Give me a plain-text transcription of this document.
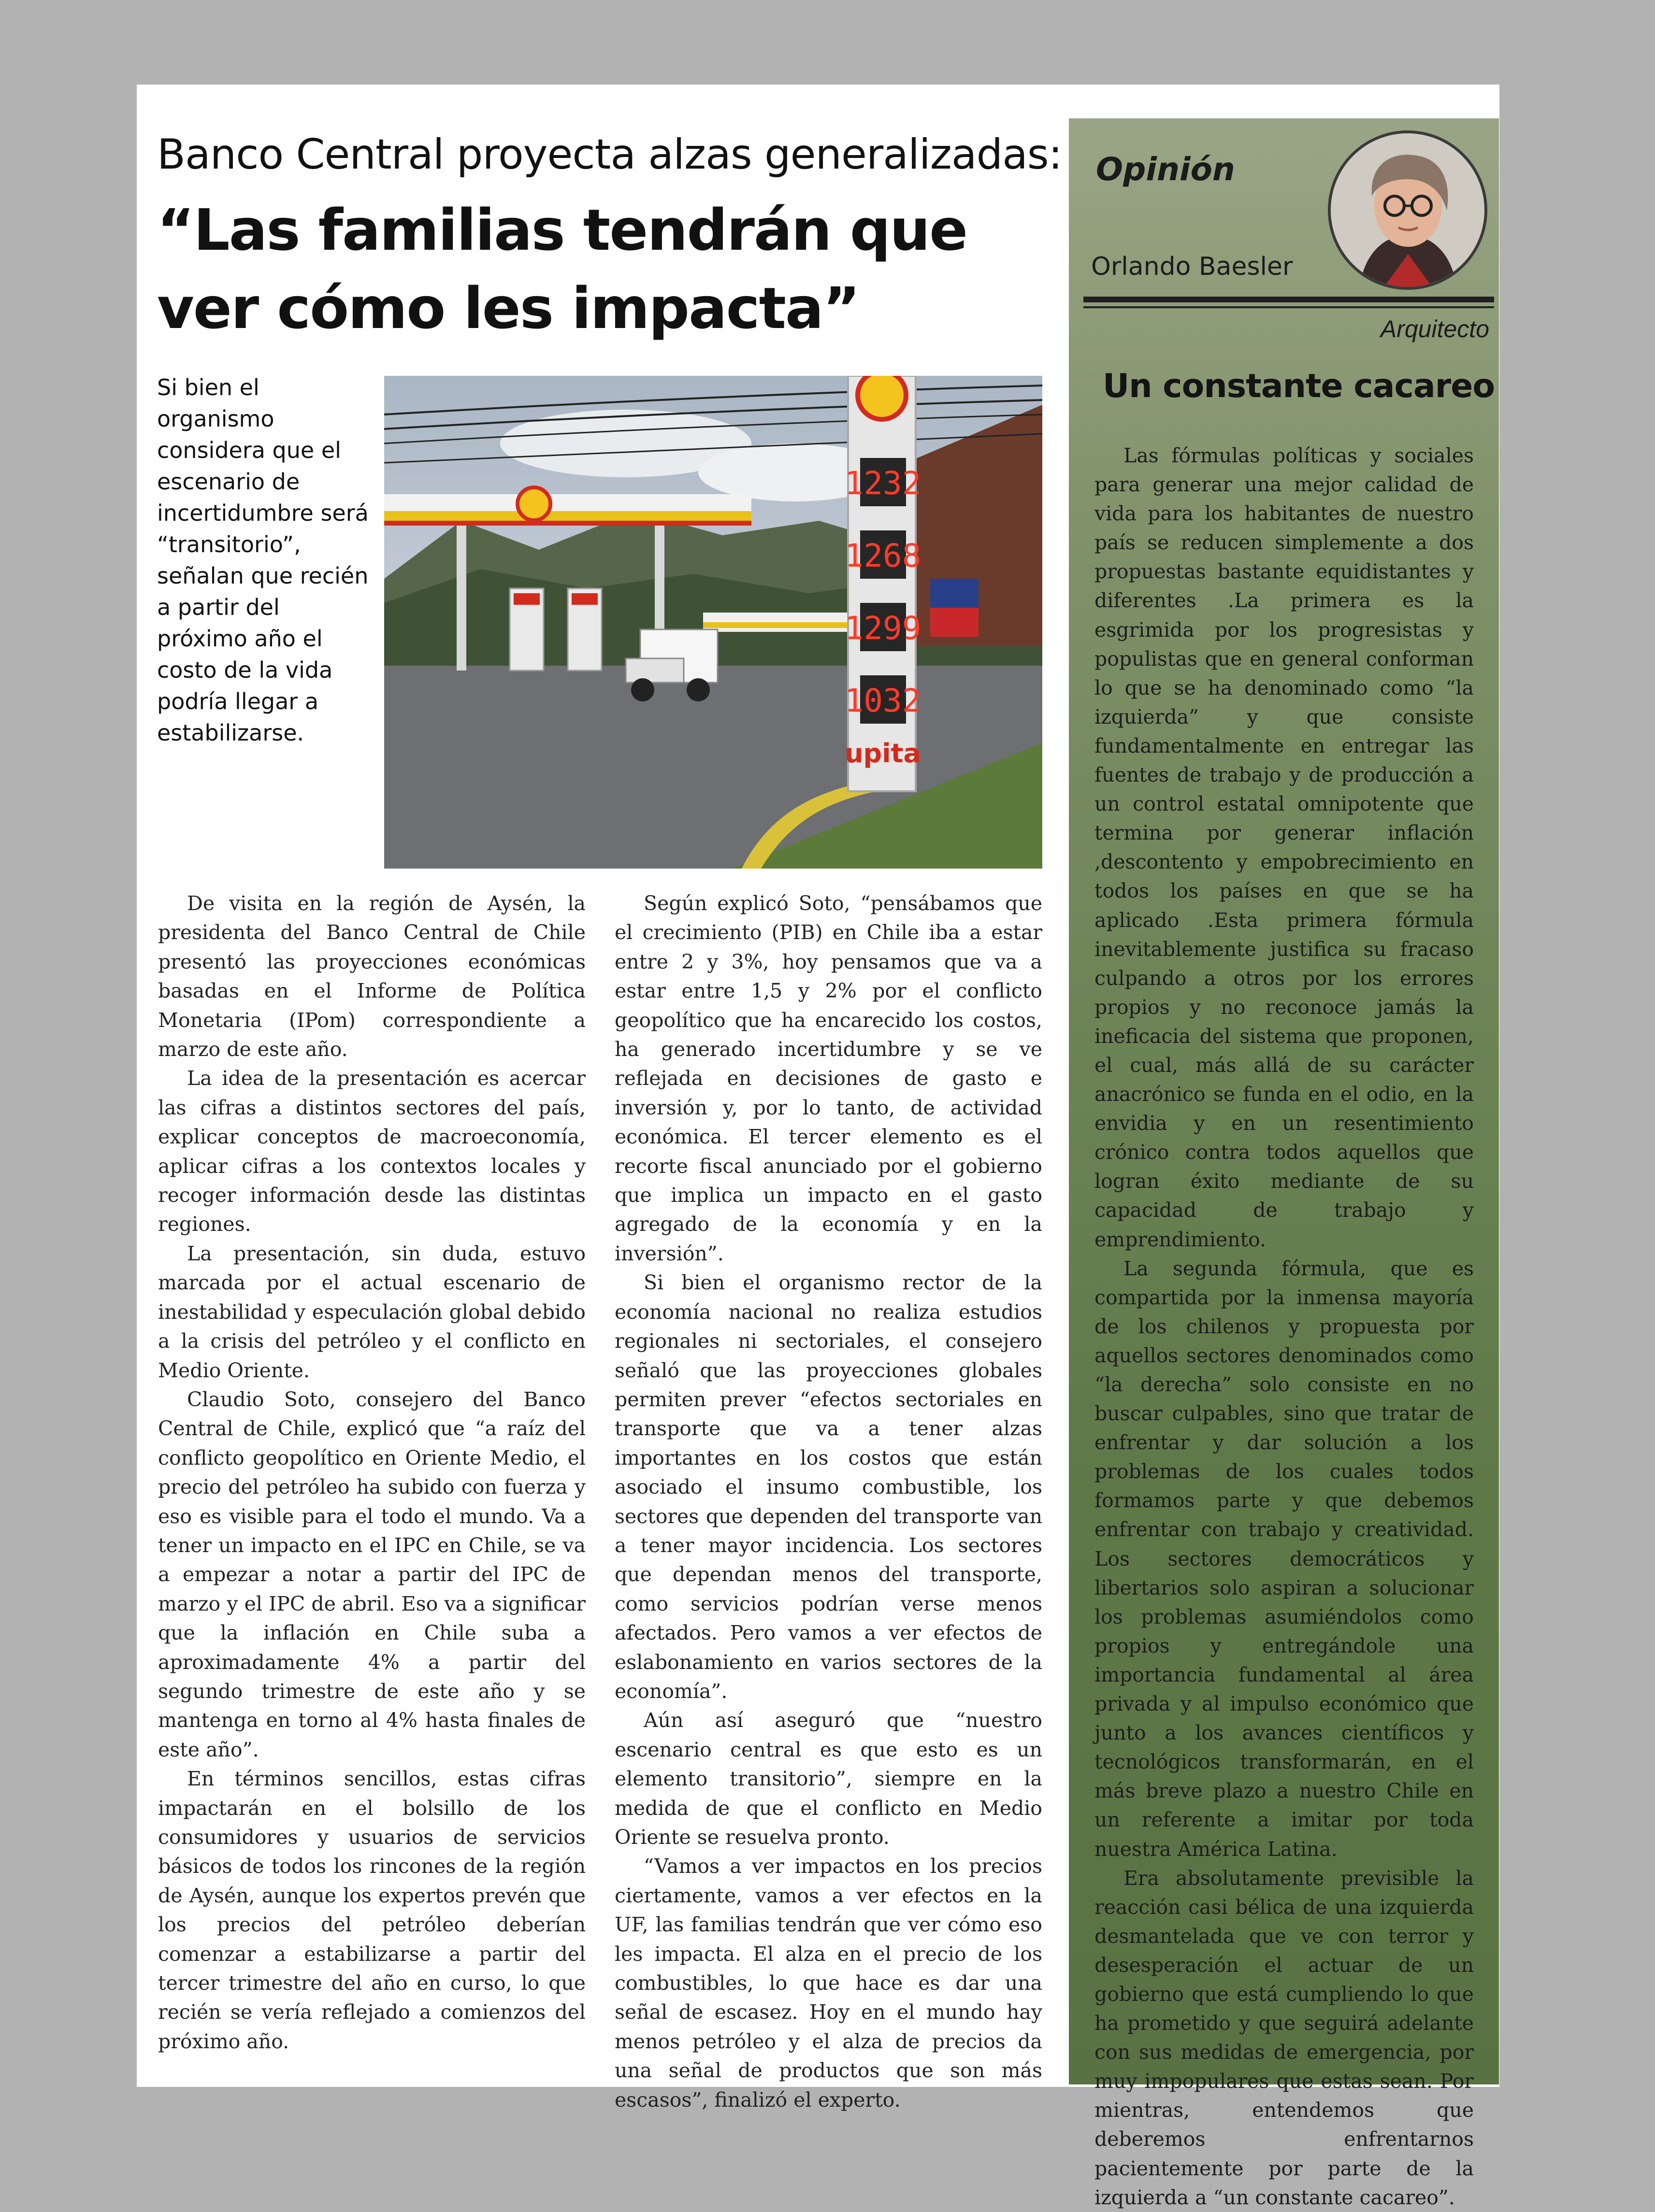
Banco Central proyecta alzas generalizadas:
“Las familias tendrán que ver cómo les impacta”
Si bien el organismo considera que el escenario de incertidumbre será “transitorio”, señalan que recién a partir del próximo año el costo de la vida podría llegar a estabilizarse.
1232
1268
1299
1032
upita

De visita en la región de Aysén, la presidenta del Banco Central de Chile presentó las proyecciones económicas basadas en el Informe de Política Monetaria (IPom) correspondiente a marzo de este año.

La idea de la presentación es acercar las cifras a distintos sectores del país, explicar conceptos de macroeconomía, aplicar cifras a los contextos locales y recoger información desde las distintas regiones.

La presentación, sin duda, estuvo marcada por el actual escenario de inestabilidad y especulación global debido a la crisis del petróleo y el conflicto en Medio Oriente.

Claudio Soto, consejero del Banco Central de Chile, explicó que “a raíz del conflicto geopolítico en Oriente Medio, el precio del petróleo ha subido con fuerza y eso es visible para el todo el mundo. Va a tener un impacto en el IPC en Chile, se va a empezar a notar a partir del IPC de marzo y el IPC de abril. Eso va a significar que la inflación en Chile suba a aproximadamente 4% a partir del segundo trimestre de este año y se mantenga en torno al 4% hasta finales de este año”.

En términos sencillos, estas cifras impactarán en el bolsillo de los consumidores y usuarios de servicios básicos de todos los rincones de la región de Aysén, aunque los expertos prevén que los precios del petróleo deberían comenzar a estabilizarse a partir del tercer trimestre del año en curso, lo que recién se vería reflejado a comienzos del próximo año.

Según explicó Soto, “pensábamos que el crecimiento (PIB) en Chile iba a estar entre 2 y 3%, hoy pensamos que va a estar entre 1,5 y 2% por el conflicto geopolítico que ha encarecido los costos, ha generado incertidumbre y se ve reflejada en decisiones de gasto e inversión y, por lo tanto, de actividad económica. El tercer elemento es el recorte fiscal anunciado por el gobierno que implica un impacto en el gasto agregado de la economía y en la inversión”.

Si bien el organismo rector de la economía nacional no realiza estudios regionales ni sectoriales, el consejero señaló que las proyecciones globales permiten prever “efectos sectoriales en transporte que va a tener alzas importantes en los costos que están asociado el insumo combustible, los sectores que dependen del transporte van a tener mayor incidencia. Los sectores que dependan menos del transporte, como servicios podrían verse menos afectados. Pero vamos a ver efectos de eslabonamiento en varios sectores de la economía”.

Aún así aseguró que “nuestro escenario central es que esto es un elemento transitorio”, siempre en la medida de que el conflicto en Medio Oriente se resuelva pronto.

“Vamos a ver impactos en los precios ciertamente, vamos a ver efectos en la UF, las familias tendrán que ver cómo eso les impacta. El alza en el precio de los combustibles, lo que hace es dar una señal de escasez. Hoy en el mundo hay menos petróleo y el alza de precios da una señal de productos que son más escasos”, finalizó el experto.

Opinión
Orlando Baesler
Arquitecto
Un constante cacareo

Las fórmulas políticas y sociales para generar una mejor calidad de vida para los habitantes de nuestro país se reducen simplemente a dos propuestas bastante equidistantes y diferentes .La primera es la esgrimida por los progresistas y populistas que en general conforman lo que se ha denominado como “la izquierda” y que consiste fundamentalmente en entregar las fuentes de trabajo y de producción a un control estatal omnipotente que termina por generar inflación ,descontento y empobrecimiento en todos los países en que se ha aplicado .Esta primera fórmula inevitablemente justifica su fracaso culpando a otros por los errores propios y no reconoce jamás la ineficacia del sistema que proponen, el cual, más allá de su carácter anacrónico se funda en el odio, en la envidia y en un resentimiento crónico contra todos aquellos que logran éxito mediante de su capacidad de trabajo y emprendimiento.

La segunda fórmula, que es compartida por la inmensa mayoría de los chilenos y propuesta por aquellos sectores denominados como “la derecha” solo consiste en no buscar culpables, sino que tratar de enfrentar y dar solución a los problemas de los cuales todos formamos parte y que debemos enfrentar con trabajo y creatividad. Los sectores democráticos y libertarios solo aspiran a solucionar los problemas asumiéndolos como propios y entregándole una importancia fundamental al área privada y al impulso económico que junto a los avances científicos y tecnológicos transformarán, en el más breve plazo a nuestro Chile en un referente a imitar por toda nuestra América Latina.

Era absolutamente previsible la reacción casi bélica de una izquierda desmantelada que ve con terror y desesperación el actuar de un gobierno que está cumpliendo lo que ha prometido y que seguirá adelante con sus medidas de emergencia, por muy impopulares que estas sean. Por mientras, entendemos que deberemos enfrentarnos pacientemente por parte de la izquierda a “un constante cacareo”.
